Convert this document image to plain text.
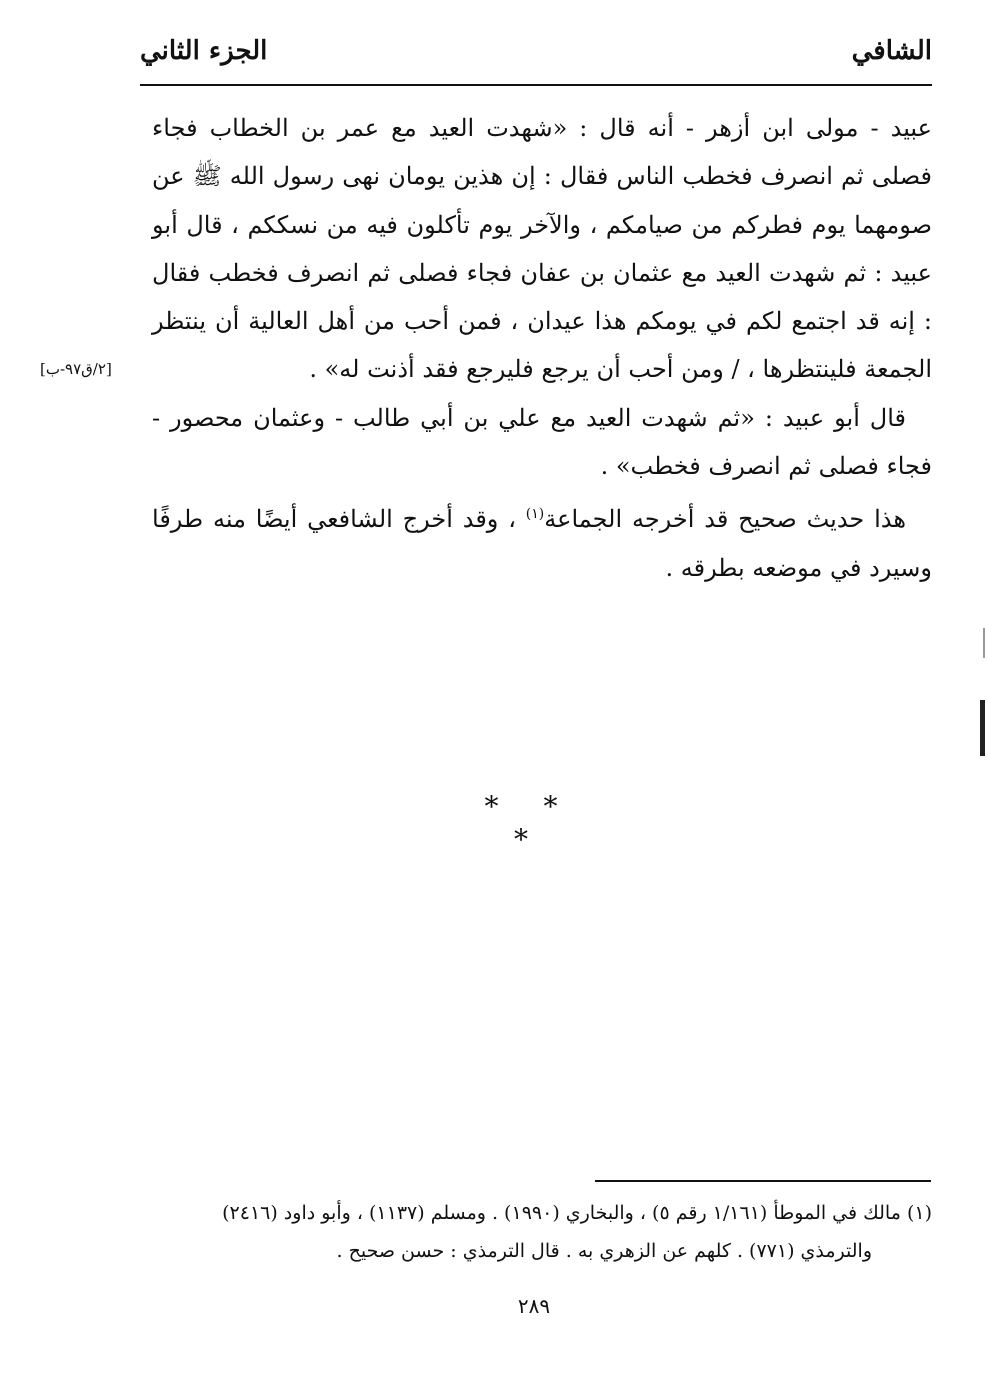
الشافي
الجزء الثاني

عبيد - مولى ابن أزهر - أنه قال : «شهدت العيد مع عمر بن الخطاب فجاء فصلى ثم انصرف فخطب الناس فقال : إن هذين يومان نهى رسول الله ﷺ عن صومهما يوم فطركم من صيامكم ، والآخر يوم تأكلون فيه من نسككم ، قال أبو عبيد : ثم شهدت العيد مع عثمان بن عفان فجاء فصلى ثم انصرف فخطب فقال : إنه قد اجتمع لكم في يومكم هذا عيدان ، فمن أحب من أهل العالية أن ينتظر الجمعة فلينتظرها ، / ومن أحب أن يرجع فليرجع فقد أذنت له» .

قال أبو عبيد : «ثم شهدت العيد مع علي بن أبي طالب - وعثمان محصور - فجاء فصلى ثم انصرف فخطب» .

هذا حديث صحيح قد أخرجه الجماعة$^{(١)}$ ، وقد أخرج الشافعي أيضًا منه طرفًا وسيرد في موضعه بطرقه .

[٢/ق٩٧-ب]
* * *

(١) مالك في الموطأ (١/١٦١ رقم ٥) ، والبخاري (١٩٩٠) . ومسلم (١١٣٧) ، وأبو داود (٢٤١٦)

والترمذي (٧٧١) . كلهم عن الزهري به . قال الترمذي : حسن صحيح .

٢٨٩
